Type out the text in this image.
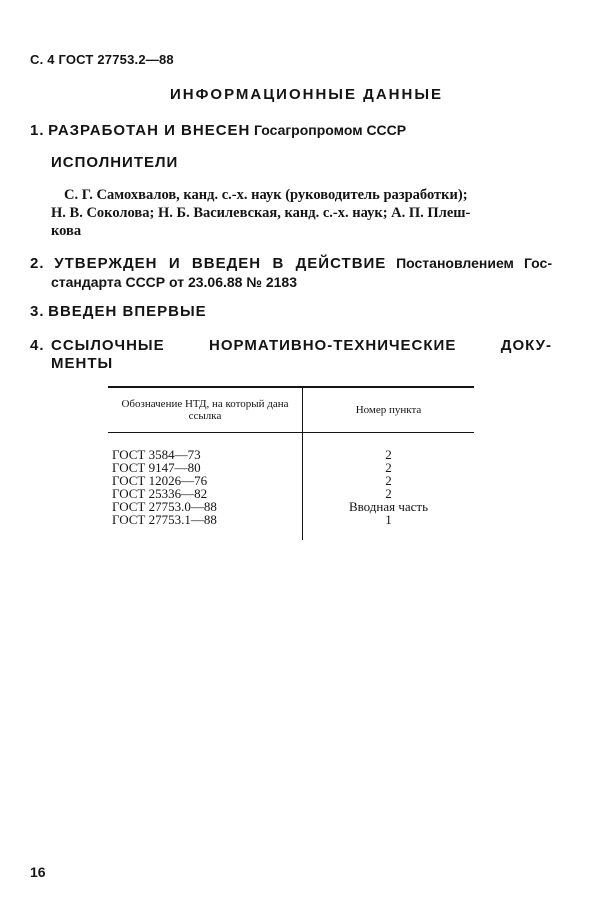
С. 4 ГОСТ 27753.2—88
ИНФОРМАЦИОННЫЕ ДАННЫЕ
1. РАЗРАБОТАН И ВНЕСЕН Госагропромом СССР
ИСПОЛНИТЕЛИ
С. Г. Самохвалов, канд. с.-х. наук (руководитель разработки);
Н. В. Соколова; Н. Б. Василевская, канд. с.-х. наук; А. П. Плеш-
кова
2. УТВЕРЖДЕН И ВВЕДЕН В ДЕЙСТВИЕ Постановлением Гос-
стандарта СССР от 23.06.88 № 2183
3. ВВЕДЕН ВПЕРВЫЕ
4. ССЫЛОЧНЫЕ НОРМАТИВНО-ТЕХНИЧЕСКИЕ ДОКУ-
МЕНТЫ
Обозначение НТД, на который дана ссылка	Номер пункта
ГОСТ 3584—73	2
ГОСТ 9147—80	2
ГОСТ 12026—76	2
ГОСТ 25336—82	2
ГОСТ 27753.0—88	Вводная часть
ГОСТ 27753.1—88	1
16
